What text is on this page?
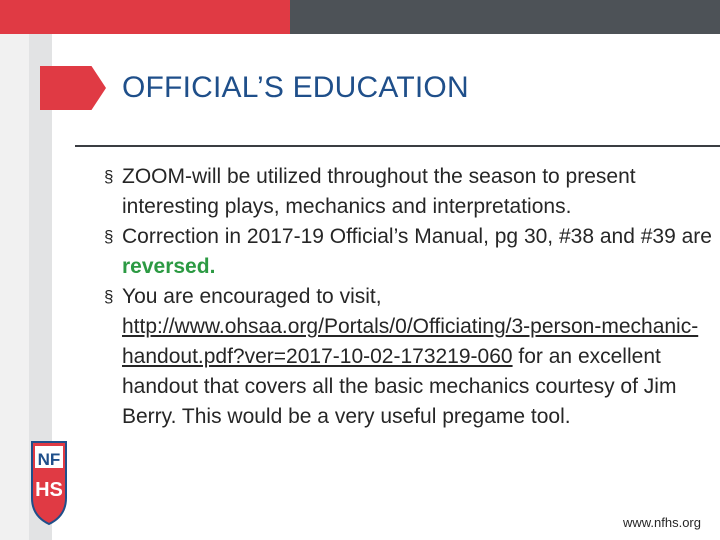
OFFICIAL’S EDUCATION

§ ZOOM-will be utilized throughout the season to present interesting plays, mechanics and interpretations.

§ Correction in 2017-19 Official’s Manual, pg 30, #38 and #39 are reversed.

§ You are encouraged to visit, http://www.ohsaa.org/Portals/0/Officiating/3-person-mechanic-handout.pdf?ver=2017-10-02-173219-060 for an excellent handout that covers all the basic mechanics courtesy of Jim Berry. This would be a very useful pregame tool.

NF
HS
www.nfhs.org
